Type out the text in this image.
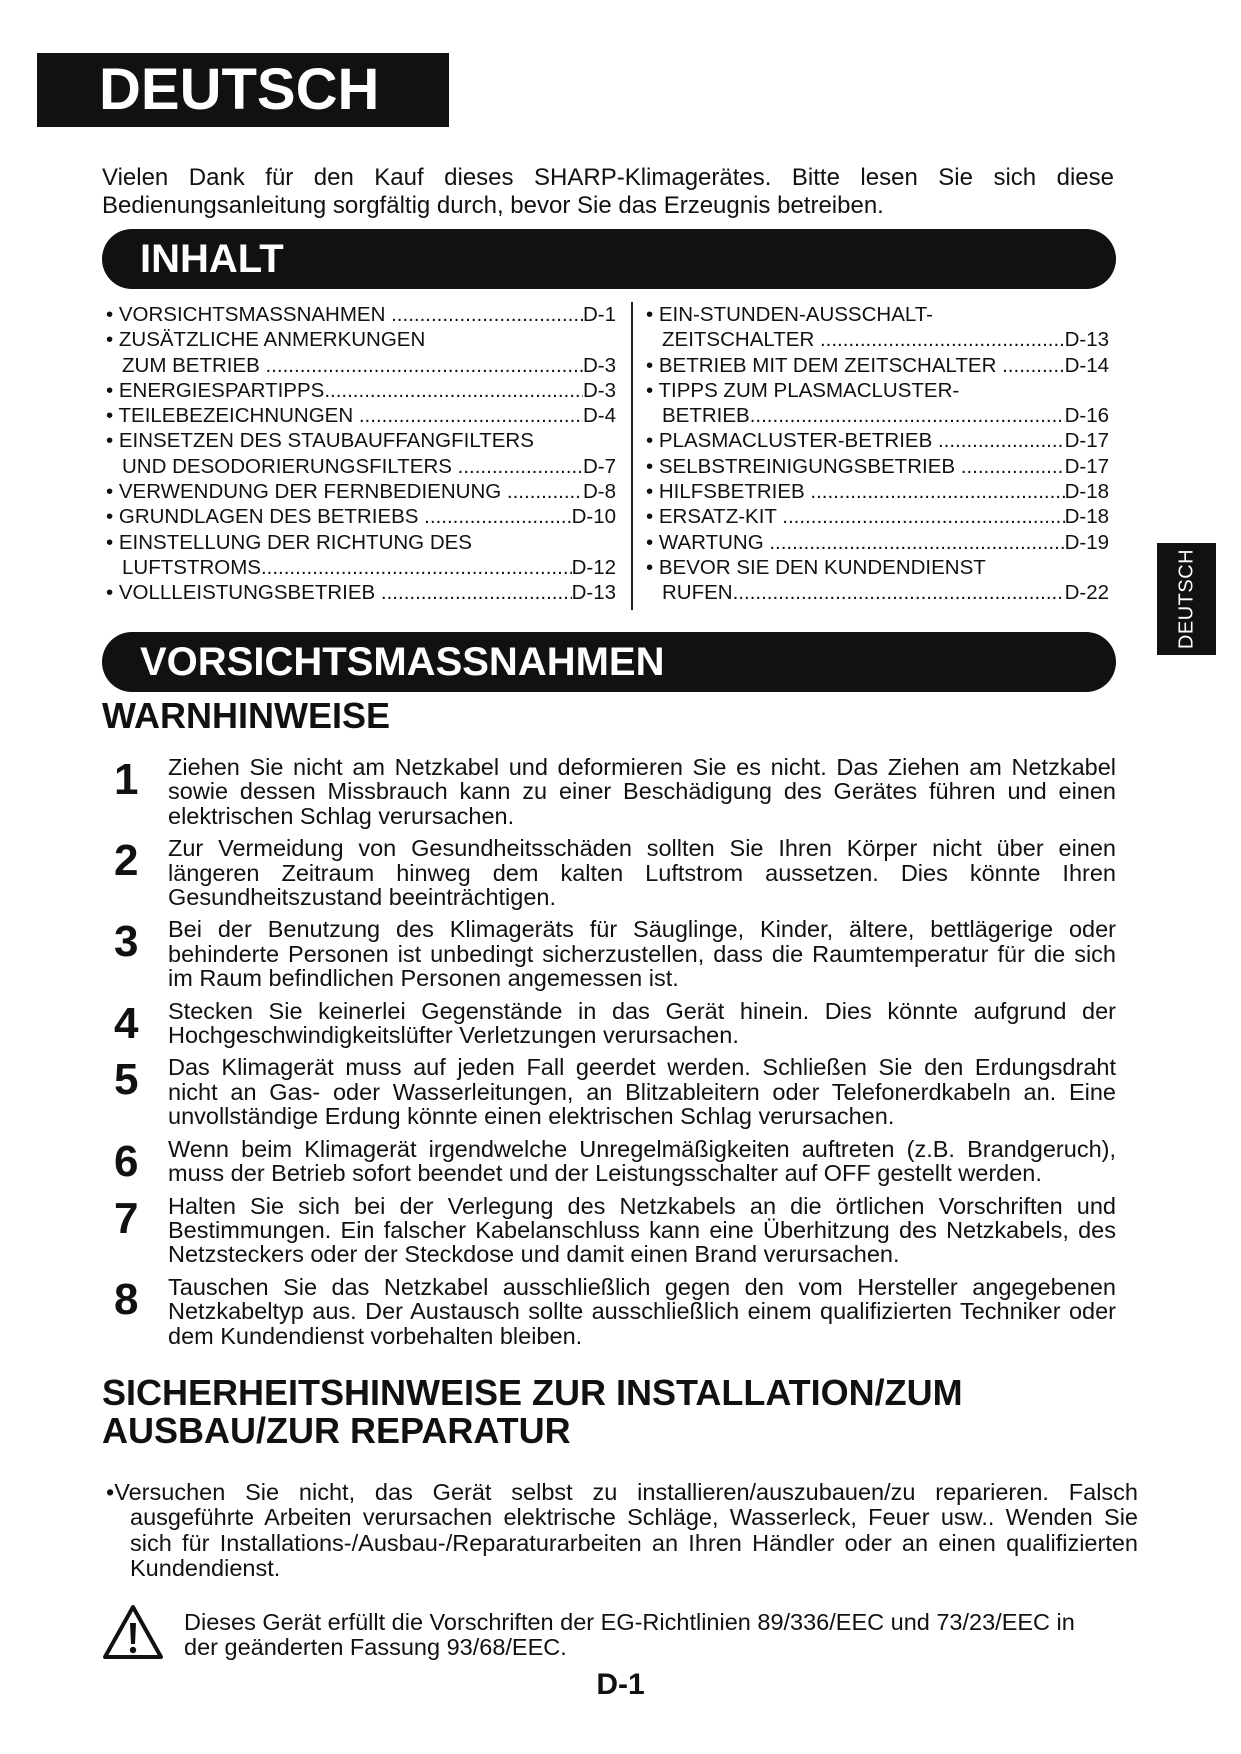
DEUTSCH
DEUTSCH
Vielen Dank für den Kauf dieses SHARP-Klimagerätes. Bitte lesen Sie sich diese Bedienungsanleitung sorgfältig durch, bevor Sie das Erzeugnis betreiben.
INHALT
• VORSICHTSMASSNAHMEN .....	D-1
• ZUSÄTZLICHE ANMERKUNGEN
ZUM BETRIEB .....	D-3
• ENERGIESPARTIPPS .....	D-3
• TEILEBEZEICHNUNGEN .....	D-4
• EINSETZEN DES STAUBAUFFANGFILTERS
UND DESODORIERUNGSFILTERS .....	D-7
• VERWENDUNG DER FERNBEDIENUNG .....	D-8
• GRUNDLAGEN DES BETRIEBS .....	D-10
• EINSTELLUNG DER RICHTUNG DES
LUFTSTROMS .....	D-12
• VOLLLEISTUNGSBETRIEB .....	D-13
• EIN-STUNDEN-AUSSCHALT-
ZEITSCHALTER .....	D-13
• BETRIEB MIT DEM ZEITSCHALTER .....	D-14
• TIPPS ZUM PLASMACLUSTER-
BETRIEB .....	D-16
• PLASMACLUSTER-BETRIEB .....	D-17
• SELBSTREINIGUNGSBETRIEB .....	D-17
• HILFSBETRIEB .....	D-18
• ERSATZ-KIT .....	D-18
• WARTUNG .....	D-19
• BEVOR SIE DEN KUNDENDIENST
RUFEN .....	D-22
VORSICHTSMASSNAHMEN
WARNHINWEISE
1 Ziehen Sie nicht am Netzkabel und deformieren Sie es nicht. Das Ziehen am Netzkabel sowie dessen Missbrauch kann zu einer Beschädigung des Gerätes führen und einen elektrischen Schlag verursachen.
2 Zur Vermeidung von Gesundheitsschäden sollten Sie Ihren Körper nicht über einen längeren Zeitraum hinweg dem kalten Luftstrom aussetzen. Dies könnte Ihren Gesundheitszustand beeinträchtigen.
3 Bei der Benutzung des Klimageräts für Säuglinge, Kinder, ältere, bettlägerige oder behinderte Personen ist unbedingt sicherzustellen, dass die Raumtemperatur für die sich im Raum befindlichen Personen angemessen ist.
4 Stecken Sie keinerlei Gegenstände in das Gerät hinein. Dies könnte aufgrund der Hochgeschwindigkeitslüfter Verletzungen verursachen.
5 Das Klimagerät muss auf jeden Fall geerdet werden. Schließen Sie den Erdungsdraht nicht an Gas- oder Wasserleitungen, an Blitzableitern oder Telefonerdkabeln an. Eine unvollständige Erdung könnte einen elektrischen Schlag verursachen.
6 Wenn beim Klimagerät irgendwelche Unregelmäßigkeiten auftreten (z.B. Brandgeruch), muss der Betrieb sofort beendet und der Leistungsschalter auf OFF gestellt werden.
7 Halten Sie sich bei der Verlegung des Netzkabels an die örtlichen Vorschriften und Bestimmungen. Ein falscher Kabelanschluss kann eine Überhitzung des Netzkabels, des Netzsteckers oder der Steckdose und damit einen Brand verursachen.
8 Tauschen Sie das Netzkabel ausschließlich gegen den vom Hersteller angegebenen Netzkabeltyp aus. Der Austausch sollte ausschließlich einem qualifizierten Techniker oder dem Kundendienst vorbehalten bleiben.
SICHERHEITSHINWEISE ZUR INSTALLATION/ZUM
AUSBAU/ZUR REPARATUR
•Versuchen Sie nicht, das Gerät selbst zu installieren/auszubauen/zu reparieren. Falsch ausgeführte Arbeiten verursachen elektrische Schläge, Wasserleck, Feuer usw.. Wenden Sie sich für Installations-/Ausbau-/Reparaturarbeiten an Ihren Händler oder an einen qualifizierten Kundendienst.
Dieses Gerät erfüllt die Vorschriften der EG-Richtlinien 89/336/EEC und 73/23/EEC in der geänderten Fassung 93/68/EEC.
D-1
